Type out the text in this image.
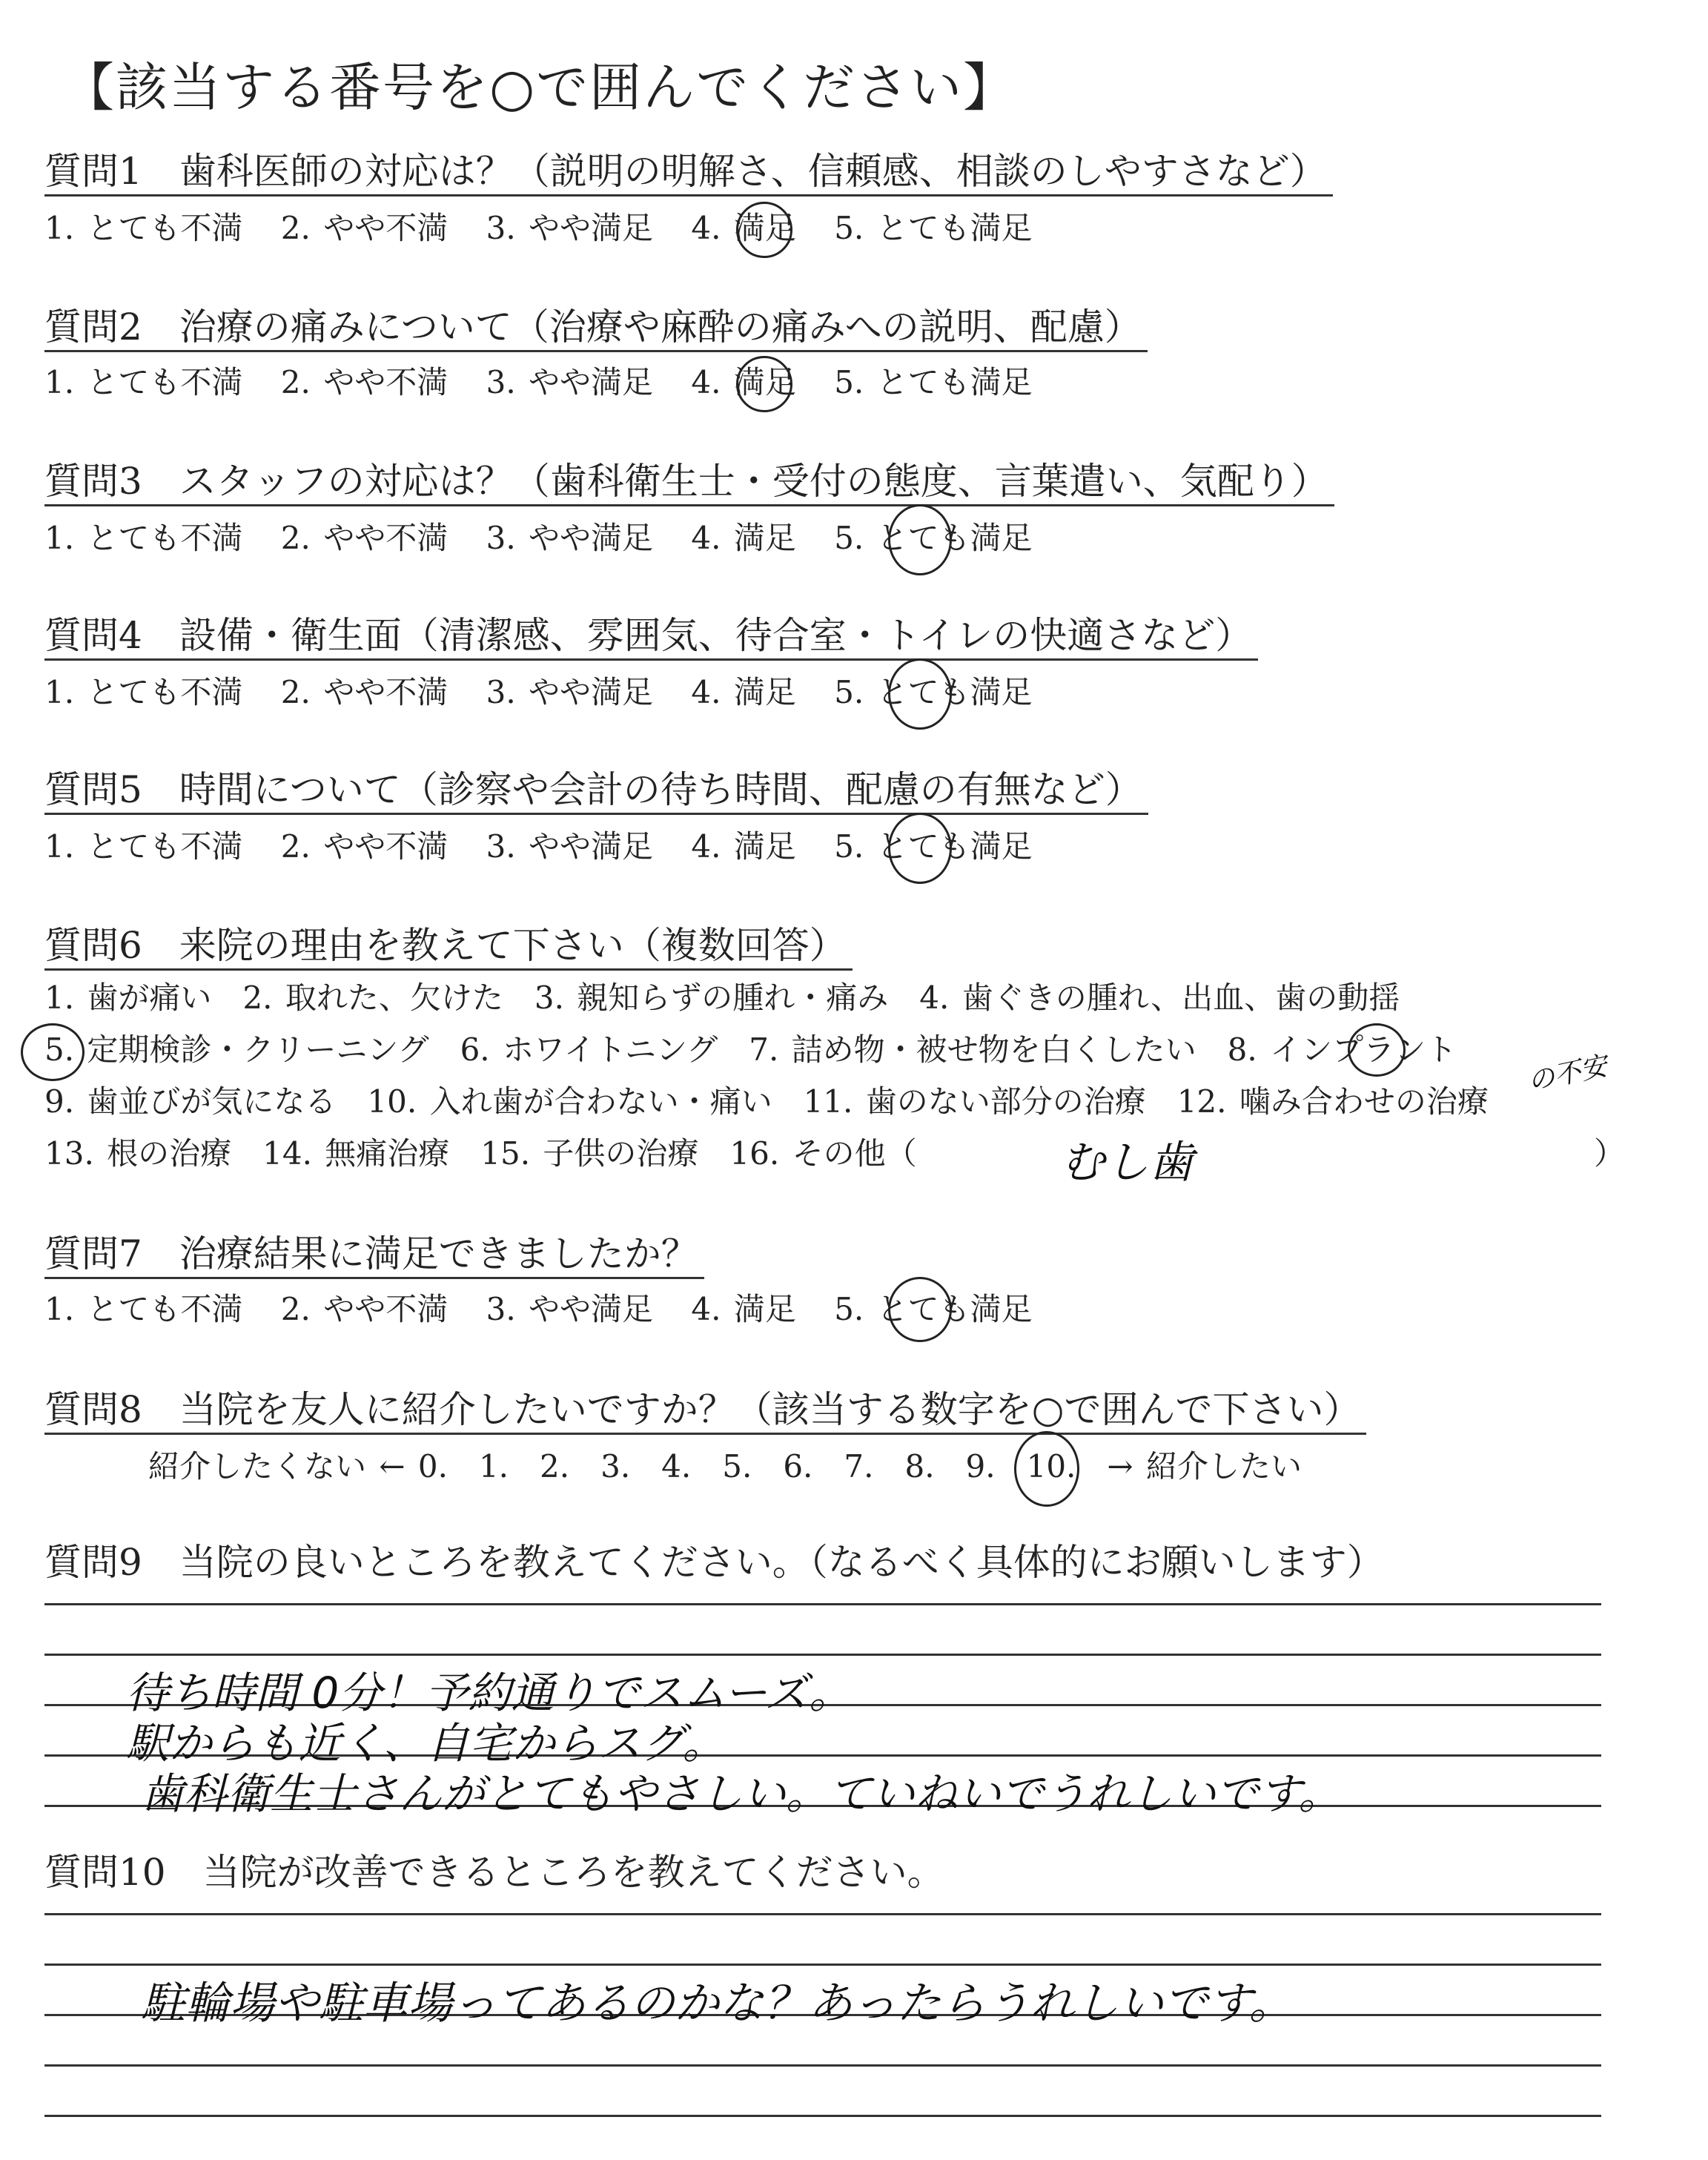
【該当する番号を○で囲んでください】
質問1　歯科医師の対応は？（説明の明解さ、信頼感、相談のしやすさなど）
1. とても不満 2. やや不満 3. やや満足 4. 満足 5. とても満足
質問2　治療の痛みについて（治療や麻酔の痛みへの説明、配慮）
1. とても不満 2. やや不満 3. やや満足 4. 満足 5. とても満足
質問3　スタッフの対応は？（歯科衛生士・受付の態度、言葉遣い、気配り）
1. とても不満 2. やや不満 3. やや満足 4. 満足 5. とても満足
質問4　設備・衛生面（清潔感、雰囲気、待合室・トイレの快適さなど）
1. とても不満 2. やや不満 3. やや満足 4. 満足 5. とても満足
質問5　時間について（診察や会計の待ち時間、配慮の有無など）
1. とても不満 2. やや不満 3. やや満足 4. 満足 5. とても満足
質問6　来院の理由を教えて下さい（複数回答）
1. 歯が痛い　2. 取れた、欠けた　3. 親知らずの腫れ・痛み　4. 歯ぐきの腫れ、出血、歯の動揺
5. 定期検診・クリーニング　6. ホワイトニング　7. 詰め物・被せ物を白くしたい　8. インプラント
9. 歯並びが気になる　10. 入れ歯が合わない・痛い　11. 歯のない部分の治療　12. 噛み合わせの治療
13. 根の治療　14. 無痛治療　15. 子供の治療　16. その他（	）
むし歯
の不安
質問7　治療結果に満足できましたか？
1. とても不満 2. やや不満 3. やや満足 4. 満足 5. とても満足
質問8　当院を友人に紹介したいですか？（該当する数字を○で囲んで下さい）
紹介したくない ← 0.　1.　2.　3.　4.　5.　6.　7.　8.　9.　10.　→ 紹介したい
質問9　当院の良いところを教えてください。（なるべく具体的にお願いします）
待ち時間 0分！予約通りでスムーズ。
駅からも近く、自宅からスグ。
歯科衛生士さんがとてもやさしい。ていねいでうれしいです。
質問10　当院が改善できるところを教えてください。
駐輪場や駐車場ってあるのかな？あったらうれしいです。
